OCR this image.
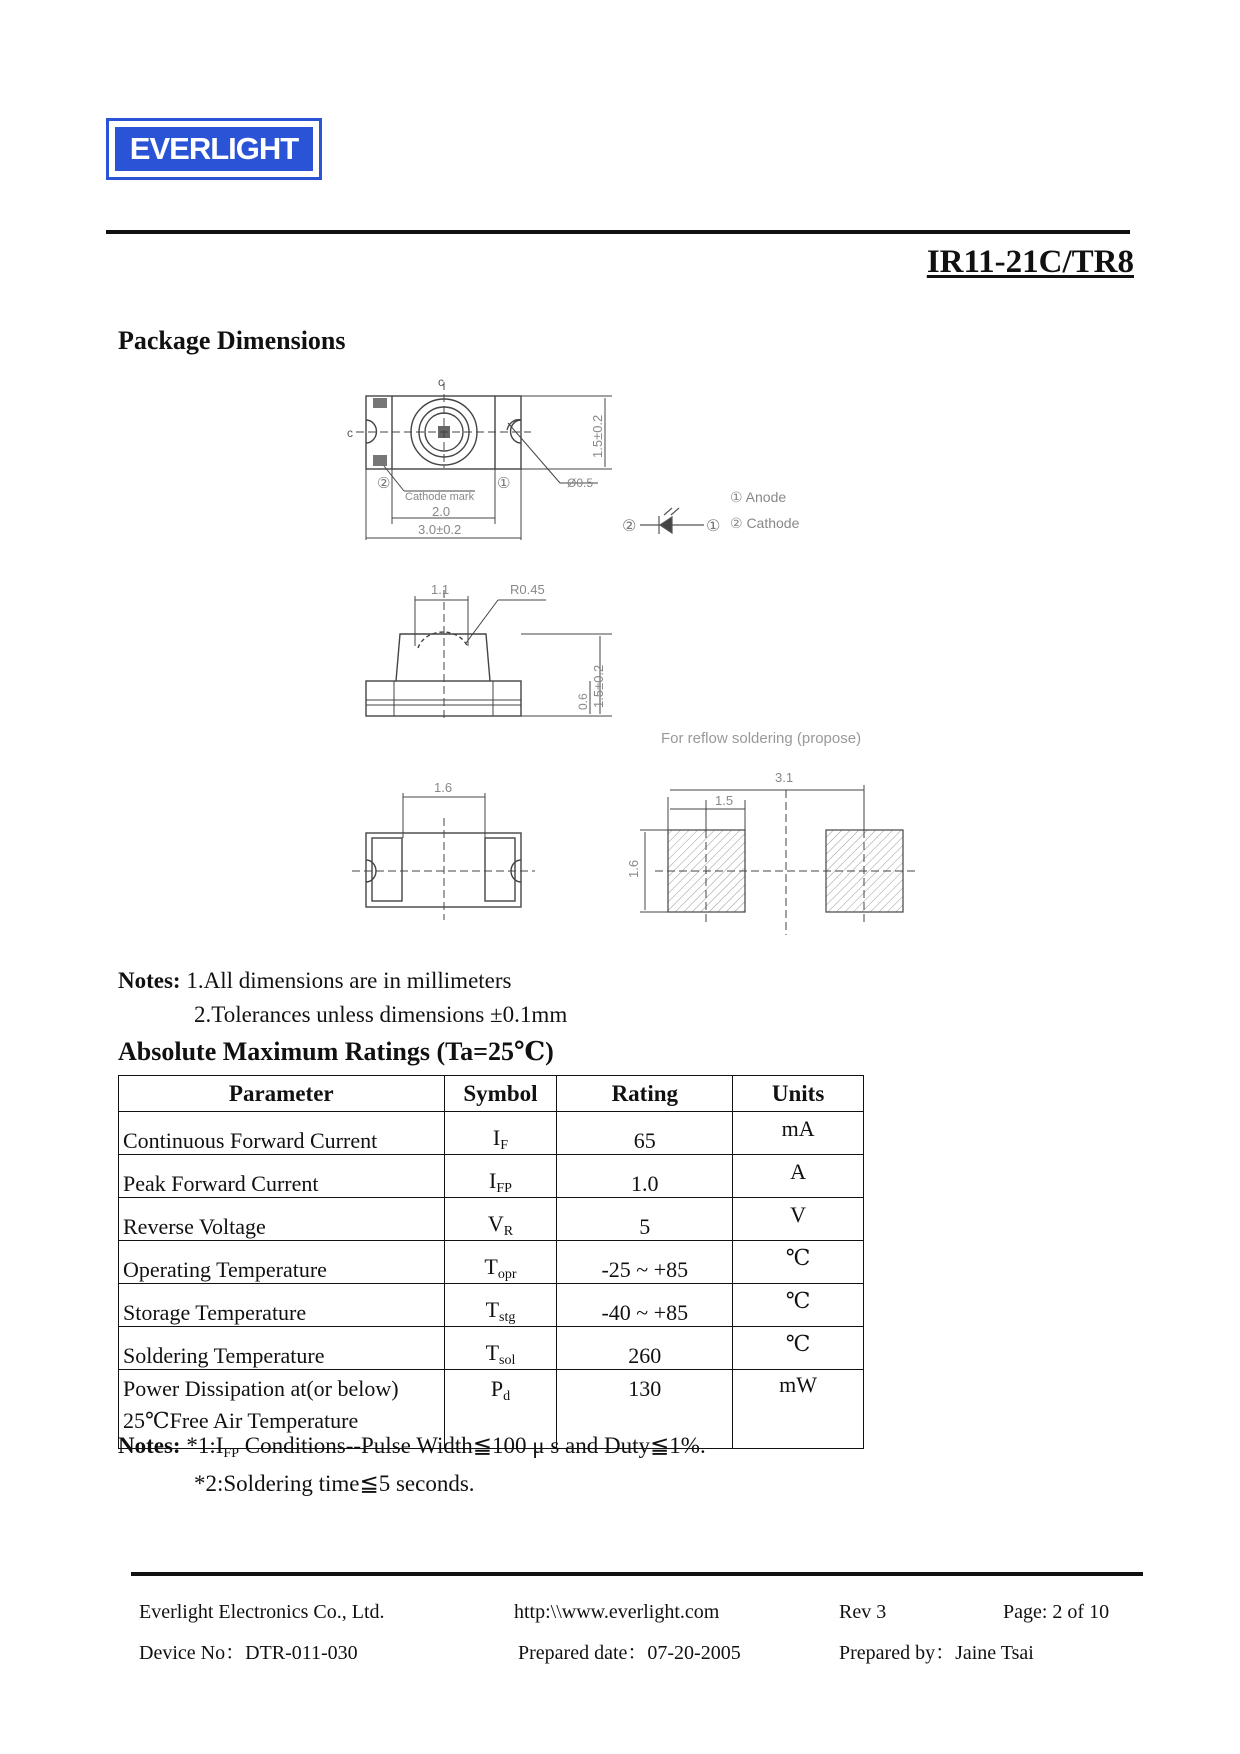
EVERLIGHT
IR11-21C/TR8
Package Dimensions
c
c
②	①
Cathode mark
2.0
3.0±0.2
Ø0.5
1.5±0.2
②	①
① Anode
② Cathode
1.1	R0.45
1.5±0.2
0.6
For reflow soldering (propose)
1.6
3.1
1.5
1.6
Notes: 1.All dimensions are in millimeters
2.Tolerances unless dimensions ±0.1mm
Absolute Maximum Ratings (Ta=25℃)
Parameter	Symbol	Rating	Units
Continuous Forward Current	$I_F$	65	mA
Peak Forward Current	$I_{FP}$	1.0	A
Reverse Voltage	$V_R$	5	V
Operating Temperature	$T_{opr}$	-25 ~ +85	℃
Storage Temperature	$T_{stg}$	-40 ~ +85	℃
Soldering Temperature	$T_{sol}$	260	℃

Power Dissipation at(or below)
25℃Free Air Temperature	$P_d$	130	mW
Notes: $*1:I_{FP}$ Conditions--Pulse Width≦100 μ s and Duty≦1%.
*2:Soldering time≦5 seconds.
Everlight Electronics Co., Ltd.	http:\\www.everlight.com	Rev 3	Page: 2 of 10
Device No：DTR-011-030	Prepared date：07-20-2005	Prepared by：Jaine Tsai
